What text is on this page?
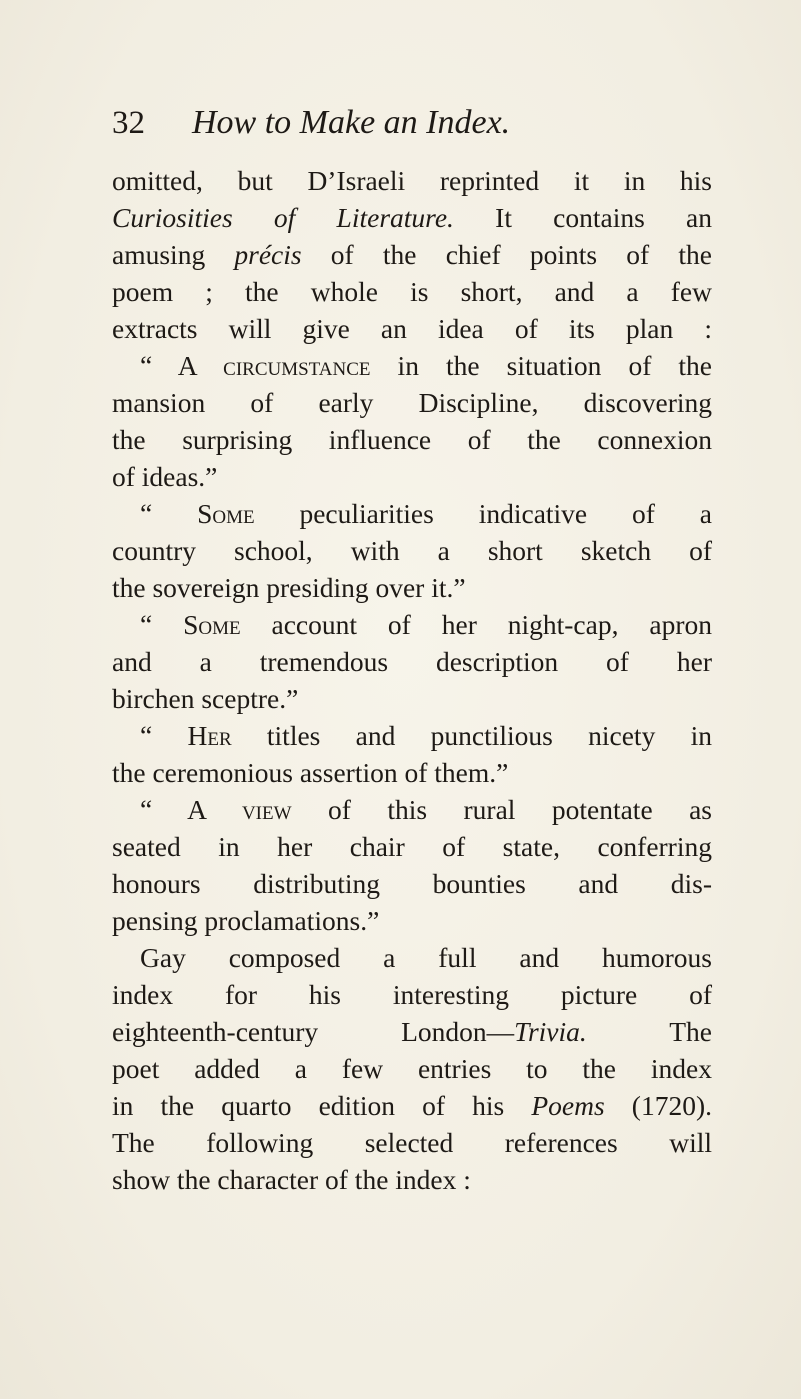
32 How to Make an Index.
omitted, but D’Israeli reprinted it in his
Curiosities of Literature. It contains an
amusing précis of the chief points of the
poem ; the whole is short, and a few
extracts will give an idea of its plan :
“ A circumstance in the situation of the
mansion of early Discipline, discovering
the surprising influence of the connexion
of ideas.”
“ Some peculiarities indicative of a
country school, with a short sketch of
the sovereign presiding over it.”
“ Some account of her night-cap, apron
and a tremendous description of her
birchen sceptre.”
“ Her titles and punctilious nicety in
the ceremonious assertion of them.”
“ A view of this rural potentate as
seated in her chair of state, conferring
honours distributing bounties and dis-
pensing proclamations.”
Gay composed a full and humorous
index for his interesting picture of
eighteenth-century London—Trivia. The
poet added a few entries to the index
in the quarto edition of his Poems (1720).
The following selected references will
show the character of the index :
